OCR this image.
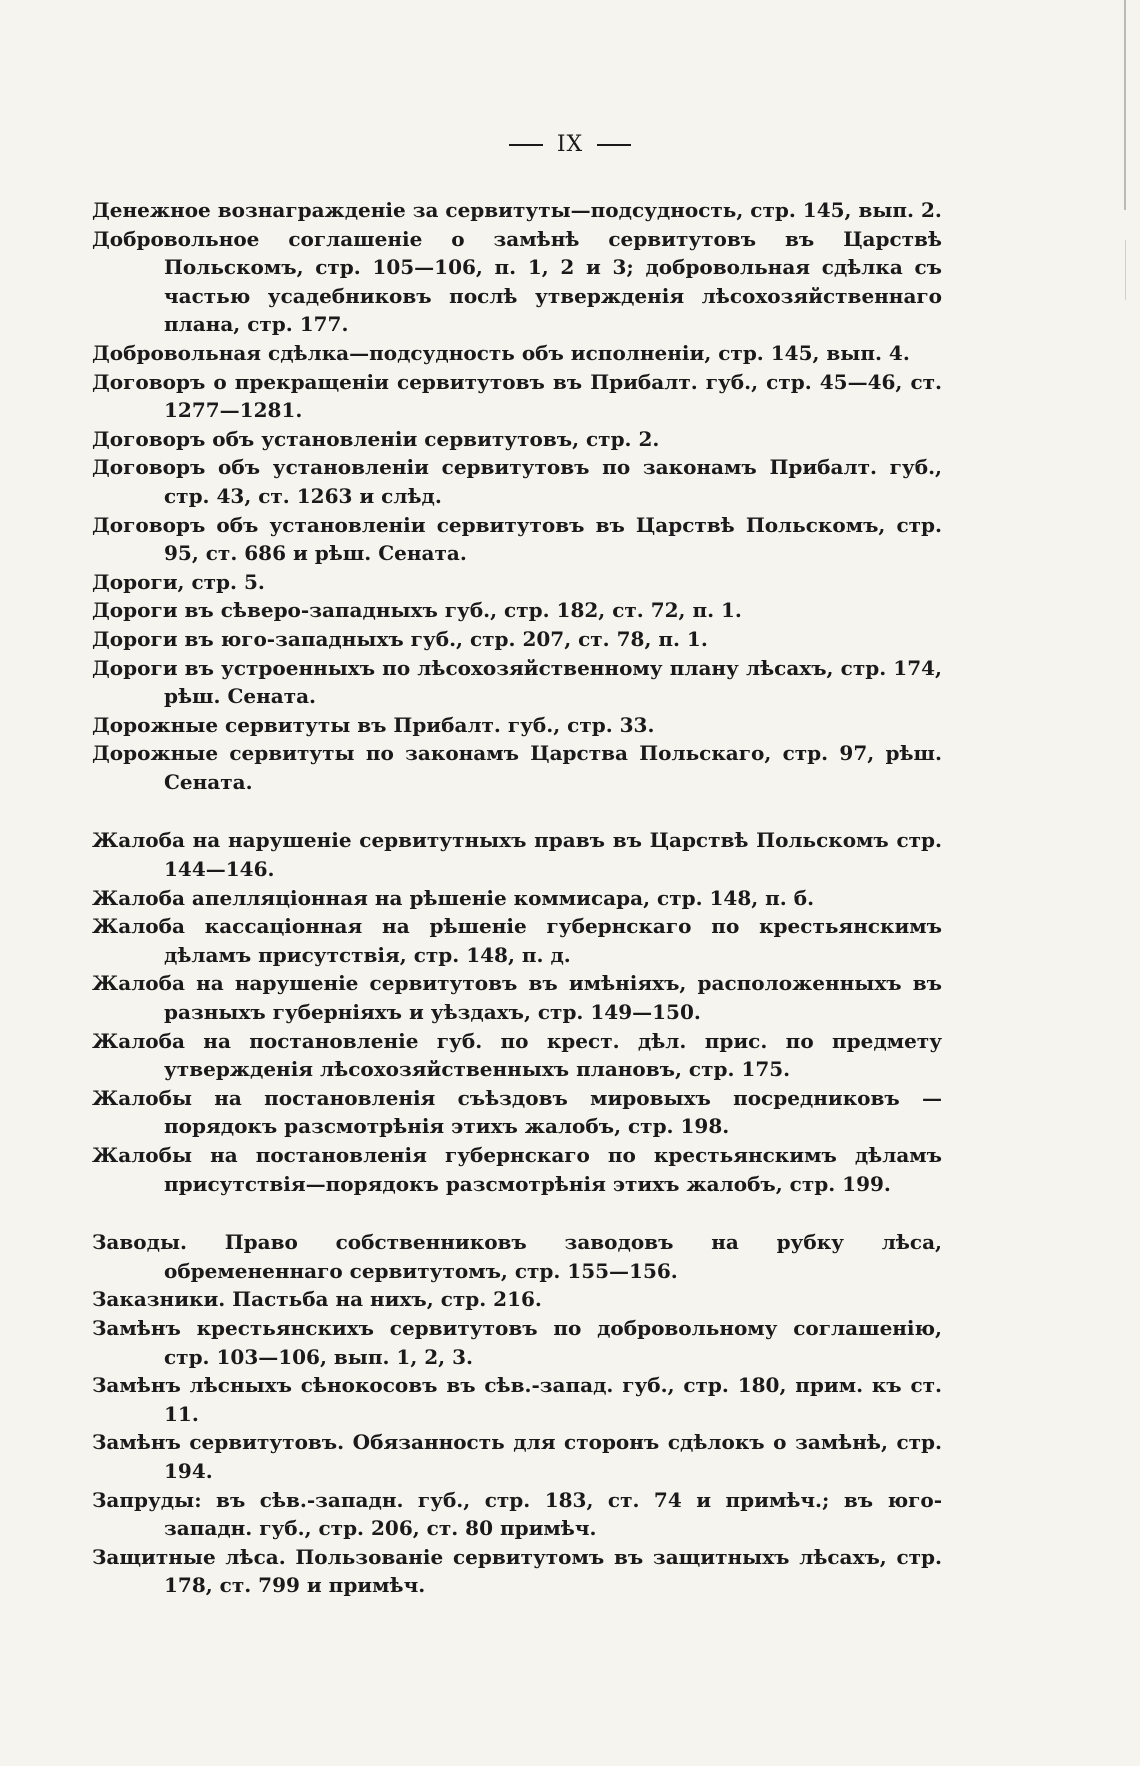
IX

Денежное вознагражденіе за сервитуты—подсудность, стр. 145, вып. 2.

Добровольное соглашеніе о замѣнѣ сервитутовъ въ Царствѣ Польскомъ, стр. 105—106, п. 1, 2 и 3; добровольная сдѣлка съ частью усадебниковъ послѣ утвержденія лѣсохозяйственнаго плана, стр. 177.

Добровольная сдѣлка—подсудность объ исполненіи, стр. 145, вып. 4.

Договоръ о прекращеніи сервитутовъ въ Прибалт. губ., стр. 45—46, ст. 1277—1281.

Договоръ объ установленіи сервитутовъ, стр. 2.

Договоръ объ установленіи сервитутовъ по законамъ Прибалт. губ., стр. 43, ст. 1263 и слѣд.

Договоръ объ установленіи сервитутовъ въ Царствѣ Польскомъ, стр. 95, ст. 686 и рѣш. Сената.

Дороги, стр. 5.

Дороги въ сѣверо-западныхъ губ., стр. 182, ст. 72, п. 1.

Дороги въ юго-западныхъ губ., стр. 207, ст. 78, п. 1.

Дороги въ устроенныхъ по лѣсохозяйственному плану лѣсахъ, стр. 174, рѣш. Сената.

Дорожные сервитуты въ Прибалт. губ., стр. 33.

Дорожные сервитуты по законамъ Царства Польскаго, стр. 97, рѣш. Сената.

Жалоба на нарушеніе сервитутныхъ правъ въ Царствѣ Польскомъ стр. 144—146.

Жалоба апелляціонная на рѣшеніе коммисара, стр. 148, п. б.

Жалоба кассаціонная на рѣшеніе губернскаго по крестьянскимъ дѣламъ присутствія, стр. 148, п. д.

Жалоба на нарушеніе сервитутовъ въ имѣніяхъ, расположенныхъ въ разныхъ губерніяхъ и уѣздахъ, стр. 149—150.

Жалоба на постановленіе губ. по крест. дѣл. прис. по предмету утвержденія лѣсохозяйственныхъ плановъ, стр. 175.

Жалобы на постановленія съѣздовъ мировыхъ посредниковъ — порядокъ разсмотрѣнія этихъ жалобъ, стр. 198.

Жалобы на постановленія губернскаго по крестьянскимъ дѣламъ присутствія—порядокъ разсмотрѣнія этихъ жалобъ, стр. 199.

Заводы. Право собственниковъ заводовъ на рубку лѣса, обремененнаго сервитутомъ, стр. 155—156.

Заказники. Пастьба на нихъ, стр. 216.

Замѣнъ крестьянскихъ сервитутовъ по добровольному соглашенію, стр. 103—106, вып. 1, 2, 3.

Замѣнъ лѣсныхъ сѣнокосовъ въ сѣв.-запад. губ., стр. 180, прим. къ ст. 11.

Замѣнъ сервитутовъ. Обязанность для сторонъ сдѣлокъ о замѣнѣ, стр. 194.

Запруды: въ сѣв.-западн. губ., стр. 183, ст. 74 и примѣч.; въ юго-западн. губ., стр. 206, ст. 80 примѣч.

Защитные лѣса. Пользованіе сервитутомъ въ защитныхъ лѣсахъ, стр. 178, ст. 799 и примѣч.
